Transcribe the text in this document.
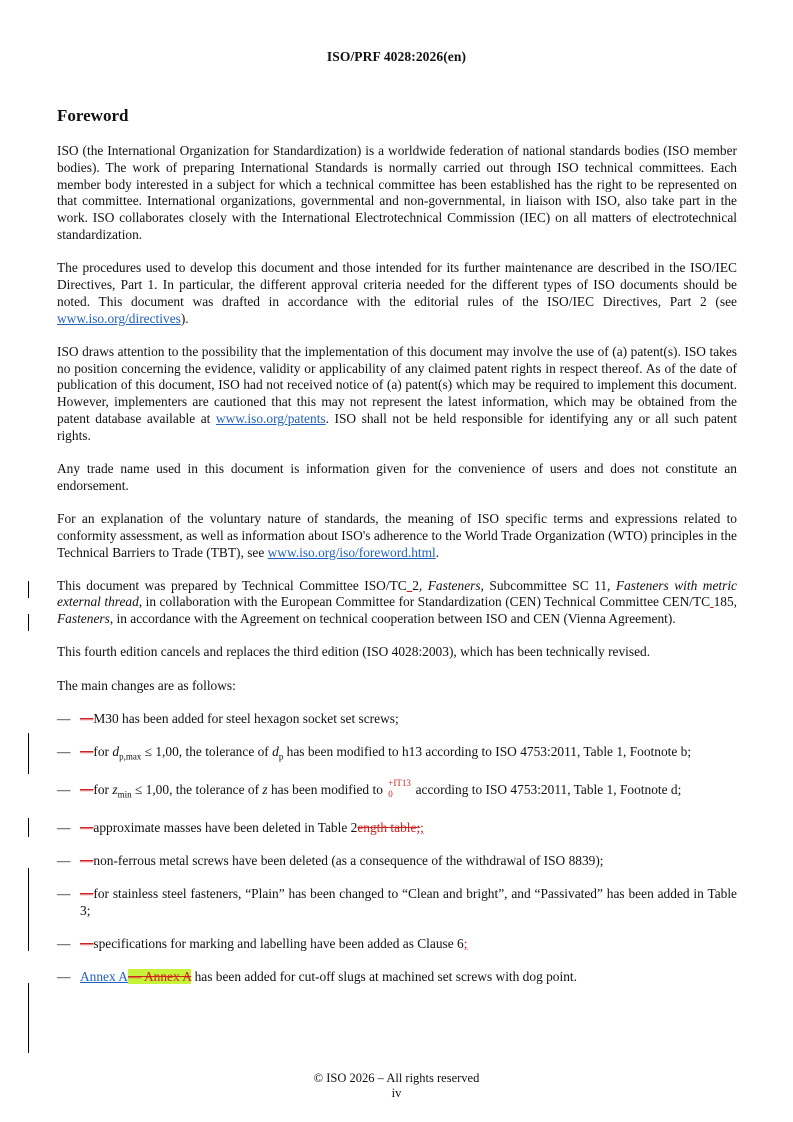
ISO/PRF 4028:2026(en)
Foreword

ISO (the International Organization for Standardization) is a worldwide federation of national standards bodies (ISO member bodies). The work of preparing International Standards is normally carried out through ISO technical committees. Each member body interested in a subject for which a technical committee has been established has the right to be represented on that committee. International organizations, governmental and non-governmental, in liaison with ISO, also take part in the work. ISO collaborates closely with the International Electrotechnical Commission (IEC) on all matters of electrotechnical standardization.

The procedures used to develop this document and those intended for its further maintenance are described in the ISO/IEC Directives, Part 1. In particular, the different approval criteria needed for the different types of ISO documents should be noted. This document was drafted in accordance with the editorial rules of the ISO/IEC Directives, Part 2 (see www.iso.org/directives).

ISO draws attention to the possibility that the implementation of this document may involve the use of (a) patent(s). ISO takes no position concerning the evidence, validity or applicability of any claimed patent rights in respect thereof. As of the date of publication of this document, ISO had not received notice of (a) patent(s) which may be required to implement this document. However, implementers are cautioned that this may not represent the latest information, which may be obtained from the patent database available at www.iso.org/patents. ISO shall not be held responsible for identifying any or all such patent rights.

Any trade name used in this document is information given for the convenience of users and does not constitute an endorsement.

For an explanation of the voluntary nature of standards, the meaning of ISO specific terms and expressions related to conformity assessment, as well as information about ISO's adherence to the World Trade Organization (WTO) principles in the Technical Barriers to Trade (TBT), see www.iso.org/iso/foreword.html.

This document was prepared by Technical Committee ISO/TC 2, Fasteners, Subcommittee SC 11, Fasteners with metric external thread, in collaboration with the European Committee for Standardization (CEN) Technical Committee CEN/TC 185, Fasteners, in accordance with the Agreement on technical cooperation between ISO and CEN (Vienna Agreement).

This fourth edition cancels and replaces the third edition (ISO 4028:2003), which has been technically revised.

The main changes are as follows:

— —M30 has been added for steel hexagon socket set screws;
— —for $d_{p,max} \le 1,00$, the tolerance of $d_p$ has been modified to h13 according to ISO 4753:2011, Table 1, Footnote b;
— —for $z_{min} \le 1,00$, the tolerance of z has been modified to +IT13
0 according to ISO 4753:2011, Table 1, Footnote d;
— —approximate masses have been deleted in Table 2ength table;;
— —non-ferrous metal screws have been deleted (as a consequence of the withdrawal of ISO 8839);
— —for stainless steel fasteners, “Plain” has been changed to “Clean and bright”, and “Passivated” has been added in Table 3;
— —specifications for marking and labelling have been added as Clause 6;
— Annex A— Annex A has been added for cut-off slugs at machined set screws with dog point.
© ISO 2026 – All rights reserved
iv
